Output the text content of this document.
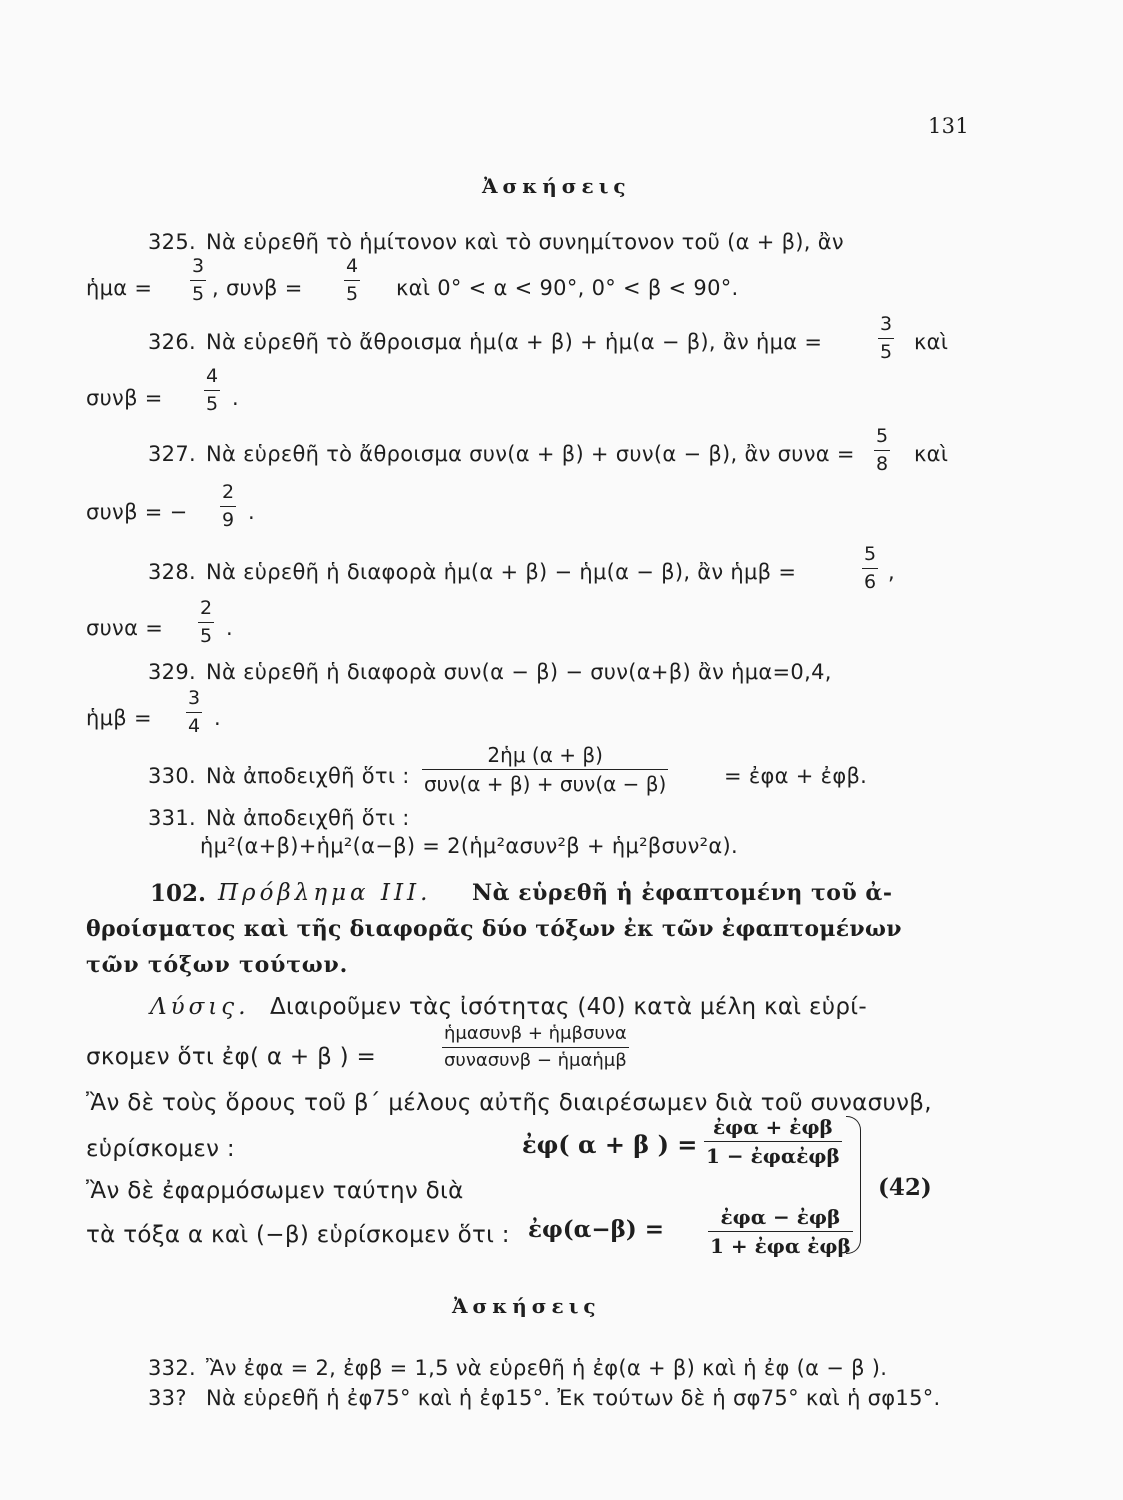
131
Ἀσκήσεις
325. Νὰ εὑρεθῆ τὸ ἡμίτονον καὶ τὸ συνημίτονον τοῦ (α + β), ἂν
ἡμα =
3
5 , συνβ =
4
5 καὶ 0° < α < 90°, 0° < β < 90°.
326. Νὰ εὑρεθῆ τὸ ἄθροισμα ἡμ(α + β) + ἡμ(α − β), ἂν ἡμα =
3
5 καὶ
συνβ =
4
5 .
327. Νὰ εὑρεθῆ τὸ ἄθροισμα συν(α + β) + συν(α − β), ἂν συνα =
5
8 καὶ
συνβ = −
2
9 .
328. Νὰ εὑρεθῆ ἡ διαφορὰ ἡμ(α + β) − ἡμ(α − β), ἂν ἡμβ =
5
6 ,
συνα =
2
5 .
329. Νὰ εὑρεθῆ ἡ διαφορὰ συν(α − β) − συν(α+β) ἂν ἡμα=0,4,
ἡμβ =
3
4 .
330. Νὰ ἀποδειχθῆ ὅτι :
2ἡμ (α + β)
συν(α + β) + συν(α − β)	= ἐφα + ἐφβ.
331. Νὰ ἀποδειχθῆ ὅτι :
ἡμ²(α+β)+ἡμ²(α−β) = 2(ἡμ²ασυν²β + ἡμ²βσυν²α).
102. Πρόβλημα ΙΙΙ. Νὰ εὑρεθῆ ἡ ἐφαπτομένη τοῦ ἀ-
θροίσματος καὶ τῆς διαφορᾶς δύο τόξων ἐκ τῶν ἐφαπτομένων
τῶν τόξων τούτων.
Λύσις. Διαιροῦμεν τὰς ἰσότητας (40) κατὰ μέλη καὶ εὑρί-
σκομεν ὅτι ἐφ( α + β ) =
ἡμασυνβ + ἡμβσυνα
συνασυνβ − ἡμαἡμβ
Ἂν δὲ τοὺς ὅρους τοῦ β΄ μέλους αὐτῆς διαιρέσωμεν διὰ τοῦ συνασυνβ,
εὑρίσκομεν :	ἐφ( α + β ) =
ἐφα + ἐφβ
1 − ἐφαἐφβ
Ἂν δὲ ἐφαρμόσωμεν ταύτην διὰ
τὰ τόξα α καὶ (−β) εὑρίσκομεν ὅτι : ἐφ(α−β) =	ἐφα − ἐφβ
1 + ἐφα ἐφβ
(42)
Ἀσκήσεις
332. Ἂν ἐφα = 2, ἐφβ = 1,5 νὰ εὑρεθῆ ἡ ἐφ(α + β) καὶ ἡ ἐφ (α − β ).
33? Νὰ εὑρεθῆ ἡ ἐφ75° καὶ ἡ ἐφ15°. Ἐκ τούτων δὲ ἡ σφ75° καὶ ἡ σφ15°.
